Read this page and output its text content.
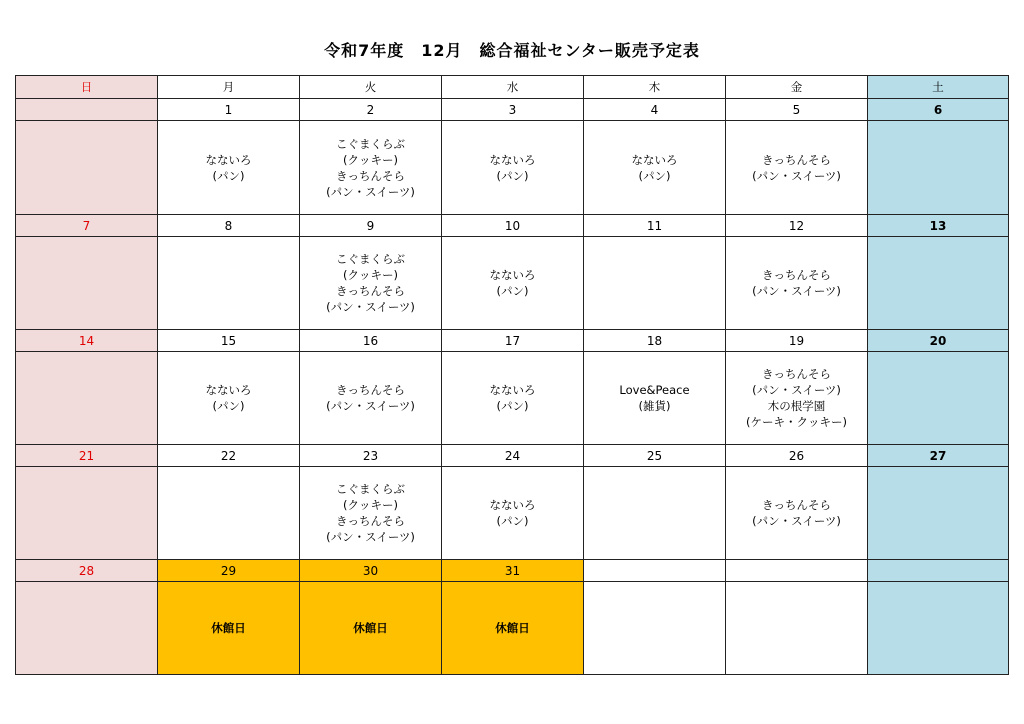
令和7年度　12月　総合福祉センター販売予定表
日	月	火	水	木	金	土
	1	2	3	4	5	6

	なないろ
(パン)	こぐまくらぶ
(クッキー)
きっちんそら
(パン・スイーツ)	なないろ
(パン)	なないろ
(パン)	きっちんそら
(パン・スイーツ)	

7	8	9	10	11	12	13

		こぐまくらぶ
(クッキー)
きっちんそら
(パン・スイーツ)	なないろ
(パン)		きっちんそら
(パン・スイーツ)	

14	15	16	17	18	19	20

	なないろ
(パン)	きっちんそら
(パン・スイーツ)	なないろ
(パン)	Love&Peace
(雑貨)	きっちんそら
(パン・スイーツ)
木の根学園
(ケーキ・クッキー)	

21	22	23	24	25	26	27

		こぐまくらぶ
(クッキー)
きっちんそら
(パン・スイーツ)	なないろ
(パン)		きっちんそら
(パン・スイーツ)	

28	29	30	31			

	休館日	休館日	休館日			
